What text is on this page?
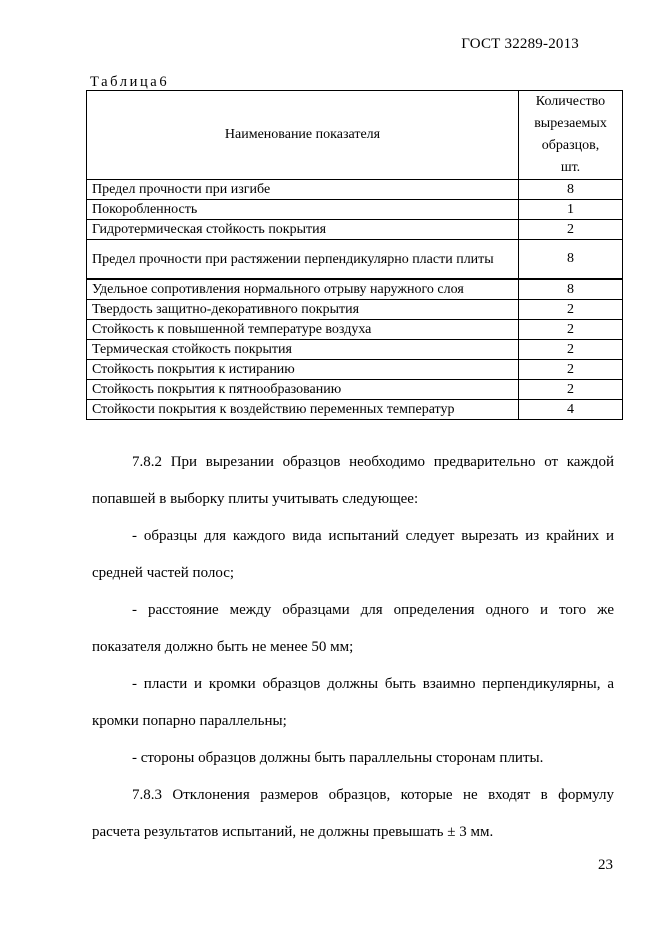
ГОСТ 32289-2013
Таблица6
Наименование показателя	Количество
вырезаемых
образцов,
шт.

Предел прочности при изгибе	8
Покоробленность	1
Гидротермическая стойкость покрытия	2
Предел прочности при растяжении перпендикулярно пласти плиты	8
Удельное сопротивления нормального отрыву наружного слоя	8
Твердость защитно-декоративного покрытия	2
Стойкость к повышенной температуре воздуха	2
Термическая стойкость покрытия	2
Стойкость покрытия к истиранию	2
Стойкость покрытия к пятнообразованию	2
Стойкости покрытия к воздействию переменных температур	4

7.8.2 При вырезании образцов необходимо предварительно от каждой

попавшей в выборку плиты учитывать следующее:

- образцы для каждого вида испытаний следует вырезать из крайних и

средней частей полос;

- расстояние между образцами для определения одного и того же

показателя должно быть не менее 50 мм;

- пласти и кромки образцов должны быть взаимно перпендикулярны, а

кромки попарно параллельны;

- стороны образцов должны быть параллельны сторонам плиты.

7.8.3 Отклонения размеров образцов, которые не входят в формулу

расчета результатов испытаний, не должны превышать ± 3 мм.

23
